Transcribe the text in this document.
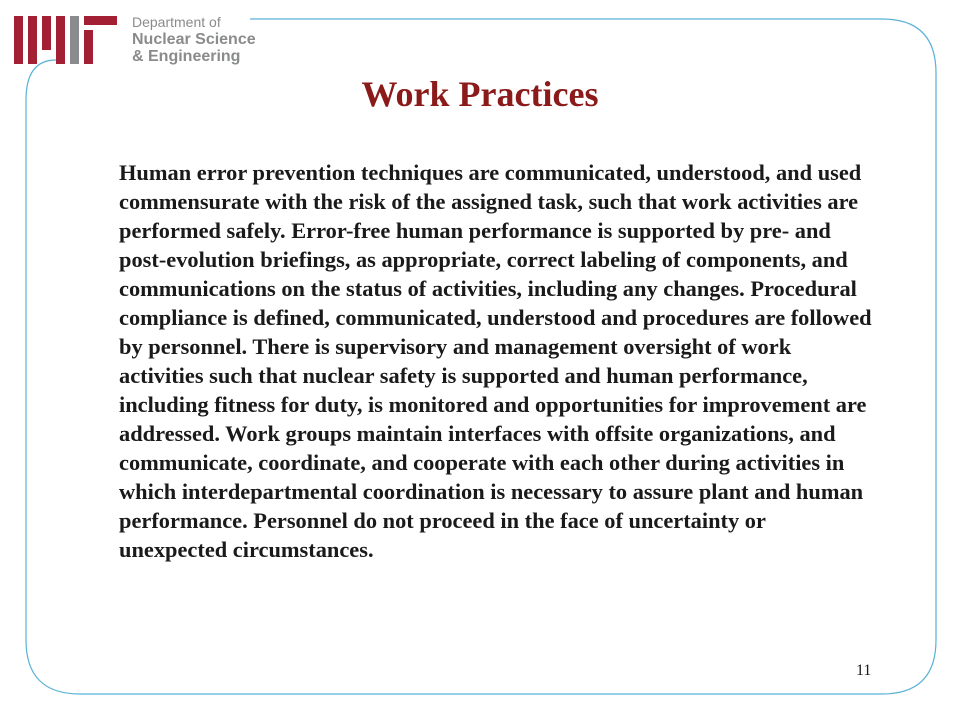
Department of
Nuclear Science
& Engineering
Work Practices

Human error prevention techniques are communicated, understood, and used commensurate with the risk of the assigned task, such that work activities are performed safely. Error-free human performance is supported by pre- and post-evolution briefings, as appropriate, correct labeling of components, and communications on the status of activities, including any changes. Procedural compliance is defined, communicated, understood and procedures are followed by personnel. There is supervisory and management oversight of work activities such that nuclear safety is supported and human performance, including fitness for duty, is monitored and opportunities for improvement are addressed. Work groups maintain interfaces with offsite organizations, and communicate, coordinate, and cooperate with each other during activities in which interdepartmental coordination is necessary to assure plant and human performance. Personnel do not proceed in the face of uncertainty or unexpected circumstances.

11
